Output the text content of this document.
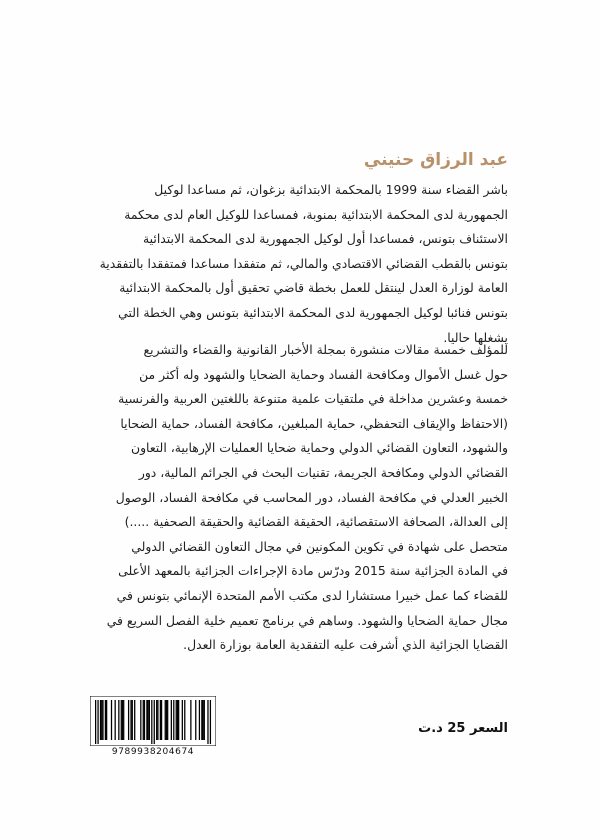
عبد الرزاق حنيني

باشر القضاء سنة 1999 بالمحكمة الابتدائية بزغوان، ثم مساعدا لوكيل
الجمهورية لدى المحكمة الابتدائية بمنوبة، فمساعدا للوكيل العام لدى محكمة
الاستئناف بتونس، فمساعدا أول لوكيل الجمهورية لدى المحكمة الابتدائية
بتونس بالقطب القضائي الاقتصادي والمالي، ثم متفقدا مساعدا فمتفقدا بالتفقدية
العامة لوزارة العدل لينتقل للعمل بخطة قاضي تحقيق أول بالمحكمة الابتدائية
بتونس فنائبا لوكيل الجمهورية لدى المحكمة الابتدائية بتونس وهي الخطة التي
يشغلها حاليا.

للمؤلف خمسة مقالات منشورة بمجلة الأخبار القانونية والقضاء والتشريع
حول غسل الأموال ومكافحة الفساد وحماية الضحايا والشهود وله أكثر من
خمسة وعشرين مداخلة في ملتقيات علمية متنوعة باللغتين العربية والفرنسية
(الاحتفاظ والإيقاف التحفظي، حماية المبلغين، مكافحة الفساد، حماية الضحايا
والشهود، التعاون القضائي الدولي وحماية ضحايا العمليات الإرهابية، التعاون
القضائي الدولي ومكافحة الجريمة، تقنيات البحث في الجرائم المالية، دور
الخبير العدلي في مكافحة الفساد، دور المحاسب في مكافحة الفساد، الوصول
إلى العدالة، الصحافة الاستقصائية، الحقيقة القضائية والحقيقة الصحفية .....)
متحصل على شهادة في تكوين المكونين في مجال التعاون القضائي الدولي
في المادة الجزائية سنة 2015 ودرّس مادة الإجراءات الجزائية بالمعهد الأعلى
للقضاء كما عمل خبيرا مستشارا لدى مكتب الأمم المتحدة الإنمائي بتونس في
مجال حماية الضحايا والشهود. وساهم في برنامج تعميم خلية الفصل السريع في
القضايا الجزائية الذي أشرفت عليه التفقدية العامة بوزارة العدل.

9789938204674

السعر 25 د.ت
